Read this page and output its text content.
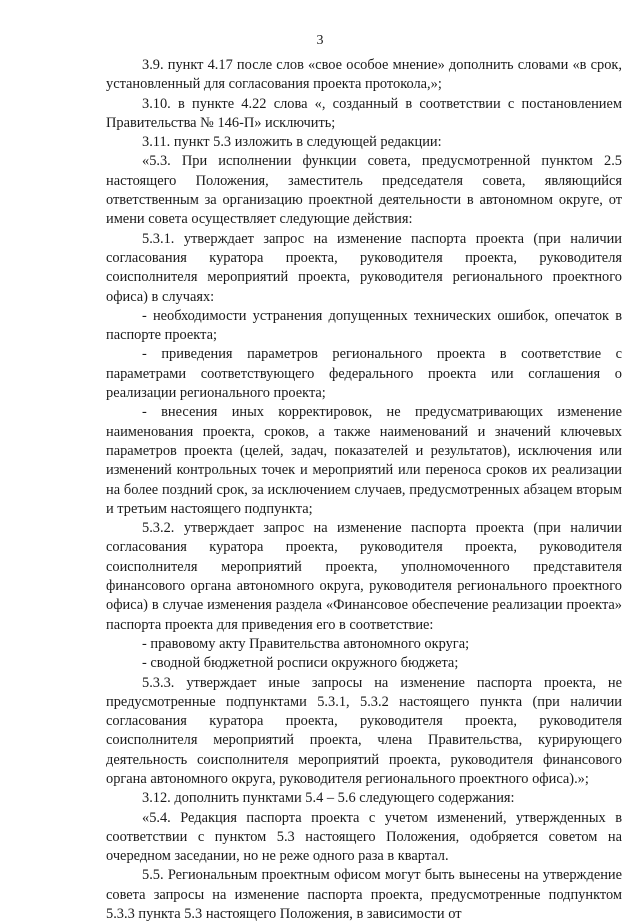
3

3.9. пункт 4.17 после слов «свое особое мнение» дополнить словами «в срок, установленный для согласования проекта протокола,»;

3.10. в пункте 4.22 слова «, созданный в соответствии с постановлением Правительства № 146-П» исключить;

3.11. пункт 5.3 изложить в следующей редакции:

«5.3. При исполнении функции совета, предусмотренной пунктом 2.5 настоящего Положения, заместитель председателя совета, являющийся ответственным за организацию проектной деятельности в автономном округе, от имени совета осуществляет следующие действия:

5.3.1. утверждает запрос на изменение паспорта проекта (при наличии согласования куратора проекта, руководителя проекта, руководителя соисполнителя мероприятий проекта, руководителя регионального проектного офиса) в случаях:

- необходимости устранения допущенных технических ошибок, опечаток в паспорте проекта;

- приведения параметров регионального проекта в соответствие с параметрами соответствующего федерального проекта или соглашения о реализации регионального проекта;

- внесения иных корректировок, не предусматривающих изменение наименования проекта, сроков, а также наименований и значений ключевых параметров проекта (целей, задач, показателей и результатов), исключения или изменений контрольных точек и мероприятий или переноса сроков их реализации на более поздний срок, за исключением случаев, предусмотренных абзацем вторым и третьим настоящего подпункта;

5.3.2. утверждает запрос на изменение паспорта проекта (при наличии согласования куратора проекта, руководителя проекта, руководителя соисполнителя мероприятий проекта, уполномоченного представителя финансового органа автономного округа, руководителя регионального проектного офиса) в случае изменения раздела «Финансовое обеспечение реализации проекта» паспорта проекта для приведения его в соответствие:

- правовому акту Правительства автономного округа;

- сводной бюджетной росписи окружного бюджета;

5.3.3. утверждает иные запросы на изменение паспорта проекта, не предусмотренные подпунктами 5.3.1, 5.3.2 настоящего пункта (при наличии согласования куратора проекта, руководителя проекта, руководителя соисполнителя мероприятий проекта, члена Правительства, курирующего деятельность соисполнителя мероприятий проекта, руководителя финансового органа автономного округа, руководителя регионального проектного офиса).»;

3.12. дополнить пунктами 5.4 – 5.6 следующего содержания:

«5.4. Редакция паспорта проекта с учетом изменений, утвержденных в соответствии с пунктом 5.3 настоящего Положения, одобряется советом на очередном заседании, но не реже одного раза в квартал.

5.5. Региональным проектным офисом могут быть вынесены на утверждение совета запросы на изменение паспорта проекта, предусмотренные подпунктом 5.3.3 пункта 5.3 настоящего Положения, в зависимости от
